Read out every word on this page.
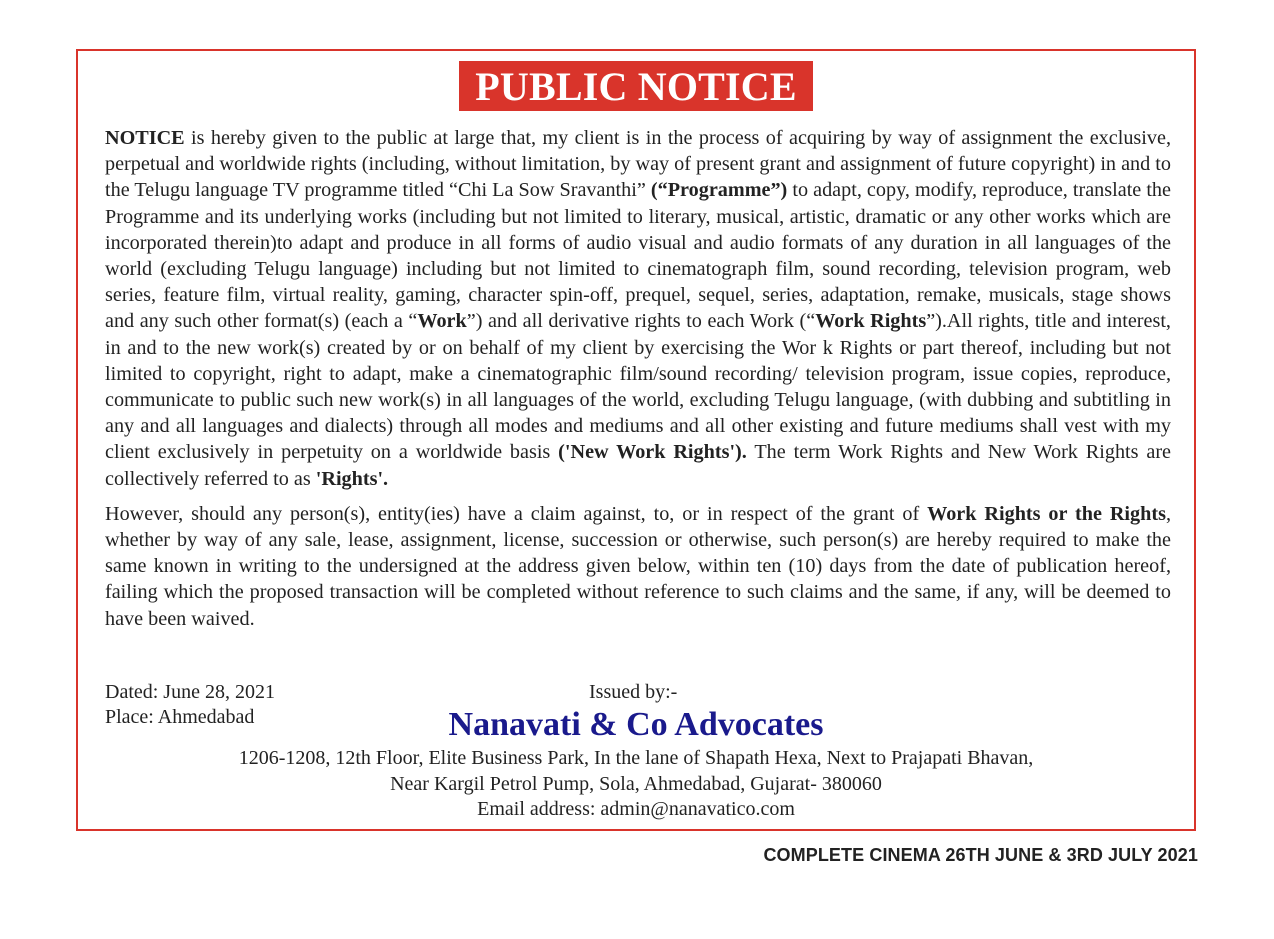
PUBLIC NOTICE

NOTICE is hereby given to the public at large that, my client is in the process of acquiring by way of assignment the exclusive, perpetual and worldwide rights (including, without limitation, by way of present grant and assignment of future copyright) in and to the Telugu language TV programme titled “Chi La Sow Sravanthi” (“Programme”) to adapt, copy, modify, reproduce, translate the Programme and its underlying works (including but not limited to literary, musical, artistic, dramatic or any other works which are incorporated therein)to adapt and produce in all forms of audio visual and audio formats of any duration in all languages of the world (excluding Telugu language) including but not limited to cinematograph film, sound recording, television program, web series, feature film, virtual reality, gaming, character spin-off, prequel, sequel, series, adaptation, remake, musicals, stage shows and any such other format(s) (each a “Work”) and all derivative rights to each Work (“Work Rights”).All rights, title and interest, in and to the new work(s) created by or on behalf of my client by exercising the Wor k Rights or part thereof, including but not limited to copyright, right to adapt, make a cinematographic film/sound recording/ television program, issue copies, reproduce, communicate to public such new work(s) in all languages of the world, excluding Telugu language, (with dubbing and subtitling in any and all languages and dialects) through all modes and mediums and all other existing and future mediums shall vest with my client exclusively in perpetuity on a worldwide basis ('New Work Rights'). The term Work Rights and New Work Rights are collectively referred to as 'Rights'.

However, should any person(s), entity(ies) have a claim against, to, or in respect of the grant of Work Rights or the Rights, whether by way of any sale, lease, assignment, license, succession or otherwise, such person(s) are hereby required to make the same known in writing to the undersigned at the address given below, within ten (10) days from the date of publication hereof, failing which the proposed transaction will be completed without reference to such claims and the same, if any, will be deemed to have been waived.

Dated: June 28, 2021
Place: Ahmedabad
Issued by:-
Nanavati & Co Advocates
1206-1208, 12th Floor, Elite Business Park, In the lane of Shapath Hexa, Next to Prajapati Bhavan,
Near Kargil Petrol Pump, Sola, Ahmedabad, Gujarat- 380060
Email address: admin@nanavatico.com
COMPLETE CINEMA 26TH JUNE & 3RD JULY 2021
